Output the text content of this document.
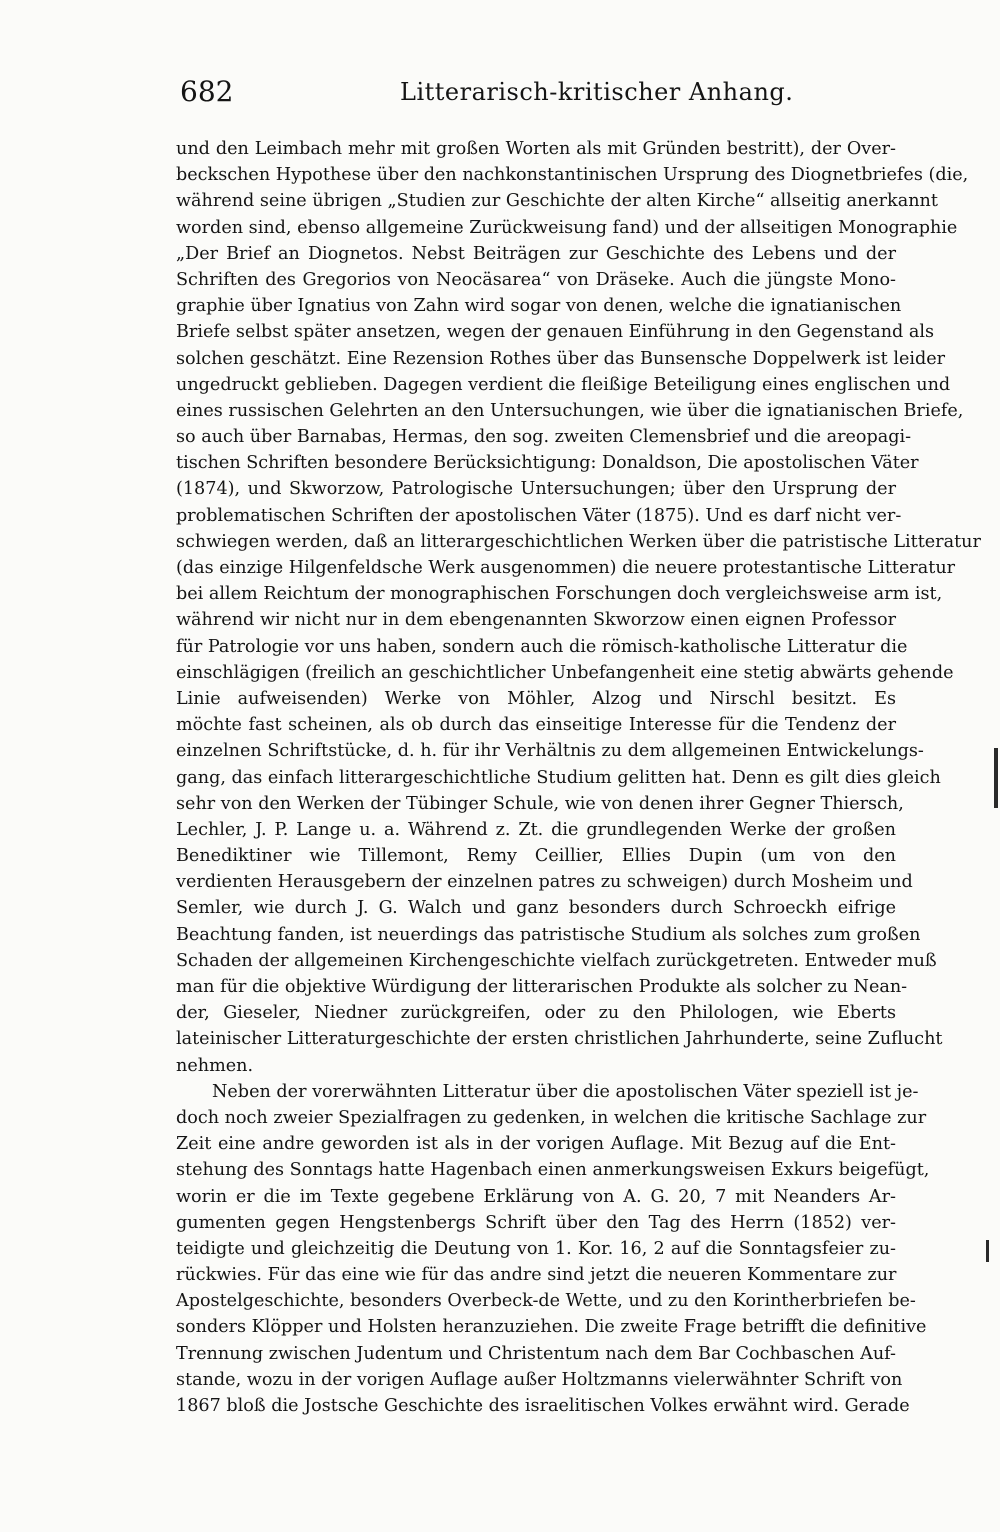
682	Litterarisch-kritischer Anhang.
und den Leimbach mehr mit großen Worten als mit Gründen bestritt), der Over-
beckschen Hypothese über den nachkonstantinischen Ursprung des Diognetbriefes (die,
während seine übrigen „Studien zur Geschichte der alten Kirche“ allseitig anerkannt
worden sind, ebenso allgemeine Zurückweisung fand) und der allseitigen Monographie
„Der Brief an Diognetos. Nebst Beiträgen zur Geschichte des Lebens und der
Schriften des Gregorios von Neocäsarea“ von Dräseke. Auch die jüngste Mono-
graphie über Ignatius von Zahn wird sogar von denen, welche die ignatianischen
Briefe selbst später ansetzen, wegen der genauen Einführung in den Gegenstand als
solchen geschätzt. Eine Rezension Rothes über das Bunsensche Doppelwerk ist leider
ungedruckt geblieben. Dagegen verdient die fleißige Beteiligung eines englischen und
eines russischen Gelehrten an den Untersuchungen, wie über die ignatianischen Briefe,
so auch über Barnabas, Hermas, den sog. zweiten Clemensbrief und die areopagi-
tischen Schriften besondere Berücksichtigung: Donaldson, Die apostolischen Väter
(1874), und Skworzow, Patrologische Untersuchungen; über den Ursprung der
problematischen Schriften der apostolischen Väter (1875). Und es darf nicht ver-
schwiegen werden, daß an litterargeschichtlichen Werken über die patristische Litteratur
(das einzige Hilgenfeldsche Werk ausgenommen) die neuere protestantische Litteratur
bei allem Reichtum der monographischen Forschungen doch vergleichsweise arm ist,
während wir nicht nur in dem ebengenannten Skworzow einen eignen Professor
für Patrologie vor uns haben, sondern auch die römisch-katholische Litteratur die
einschlägigen (freilich an geschichtlicher Unbefangenheit eine stetig abwärts gehende
Linie aufweisenden) Werke von Möhler, Alzog und Nirschl besitzt. Es
möchte fast scheinen, als ob durch das einseitige Interesse für die Tendenz der
einzelnen Schriftstücke, d. h. für ihr Verhältnis zu dem allgemeinen Entwickelungs-
gang, das einfach litterargeschichtliche Studium gelitten hat. Denn es gilt dies gleich
sehr von den Werken der Tübinger Schule, wie von denen ihrer Gegner Thiersch,
Lechler, J. P. Lange u. a. Während z. Zt. die grundlegenden Werke der großen
Benediktiner wie Tillemont, Remy Ceillier, Ellies Dupin (um von den
verdienten Herausgebern der einzelnen patres zu schweigen) durch Mosheim und
Semler, wie durch J. G. Walch und ganz besonders durch Schroeckh eifrige
Beachtung fanden, ist neuerdings das patristische Studium als solches zum großen
Schaden der allgemeinen Kirchengeschichte vielfach zurückgetreten. Entweder muß
man für die objektive Würdigung der litterarischen Produkte als solcher zu Nean-
der, Gieseler, Niedner zurückgreifen, oder zu den Philologen, wie Eberts
lateinischer Litteraturgeschichte der ersten christlichen Jahrhunderte, seine Zuflucht
nehmen.
Neben der vorerwähnten Litteratur über die apostolischen Väter speziell ist je-
doch noch zweier Spezialfragen zu gedenken, in welchen die kritische Sachlage zur
Zeit eine andre geworden ist als in der vorigen Auflage. Mit Bezug auf die Ent-
stehung des Sonntags hatte Hagenbach einen anmerkungsweisen Exkurs beigefügt,
worin er die im Texte gegebene Erklärung von A. G. 20, 7 mit Neanders Ar-
gumenten gegen Hengstenbergs Schrift über den Tag des Herrn (1852) ver-
teidigte und gleichzeitig die Deutung von 1. Kor. 16, 2 auf die Sonntagsfeier zu-
rückwies. Für das eine wie für das andre sind jetzt die neueren Kommentare zur
Apostelgeschichte, besonders Overbeck-de Wette, und zu den Korintherbriefen be-
sonders Klöpper und Holsten heranzuziehen. Die zweite Frage betrifft die definitive
Trennung zwischen Judentum und Christentum nach dem Bar Cochbaschen Auf-
stande, wozu in der vorigen Auflage außer Holtzmanns vielerwähnter Schrift von
1867 bloß die Jostsche Geschichte des israelitischen Volkes erwähnt wird. Gerade
